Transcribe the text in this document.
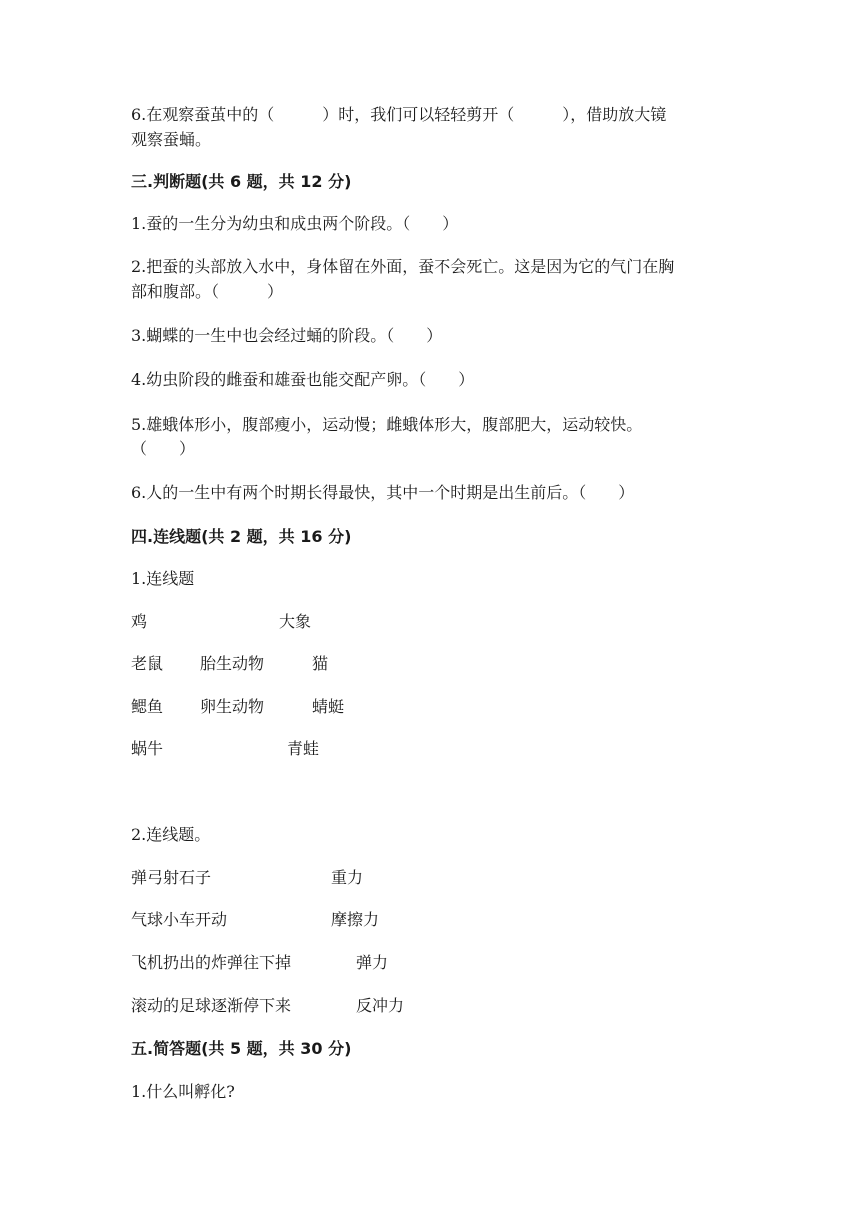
6.在观察蚕茧中的（　　　）时，我们可以轻轻剪开（　　　），借助放大镜
观察蚕蛹。
三.判断题(共 6 题，共 12 分)
1.蚕的一生分为幼虫和成虫两个阶段。（　　）
2.把蚕的头部放入水中，身体留在外面，蚕不会死亡。这是因为它的气门在胸
部和腹部。（　　　）
3.蝴蝶的一生中也会经过蛹的阶段。（　　）
4.幼虫阶段的雌蚕和雄蚕也能交配产卵。（　　）
5.雄蛾体形小，腹部瘦小，运动慢；雌蛾体形大，腹部肥大，运动较快。
（　　）
6.人的一生中有两个时期长得最快，其中一个时期是出生前后。（　　）
四.连线题(共 2 题，共 16 分)
1.连线题
鸡	大象
老鼠 胎生动物	猫
鳃鱼 卵生动物	蜻蜓
蜗牛	青蛙
2.连线题。
弹弓射石子	重力
气球小车开动	摩擦力
飞机扔出的炸弹往下掉	弹力
滚动的足球逐渐停下来	反冲力
五.简答题(共 5 题，共 30 分)
1.什么叫孵化?
